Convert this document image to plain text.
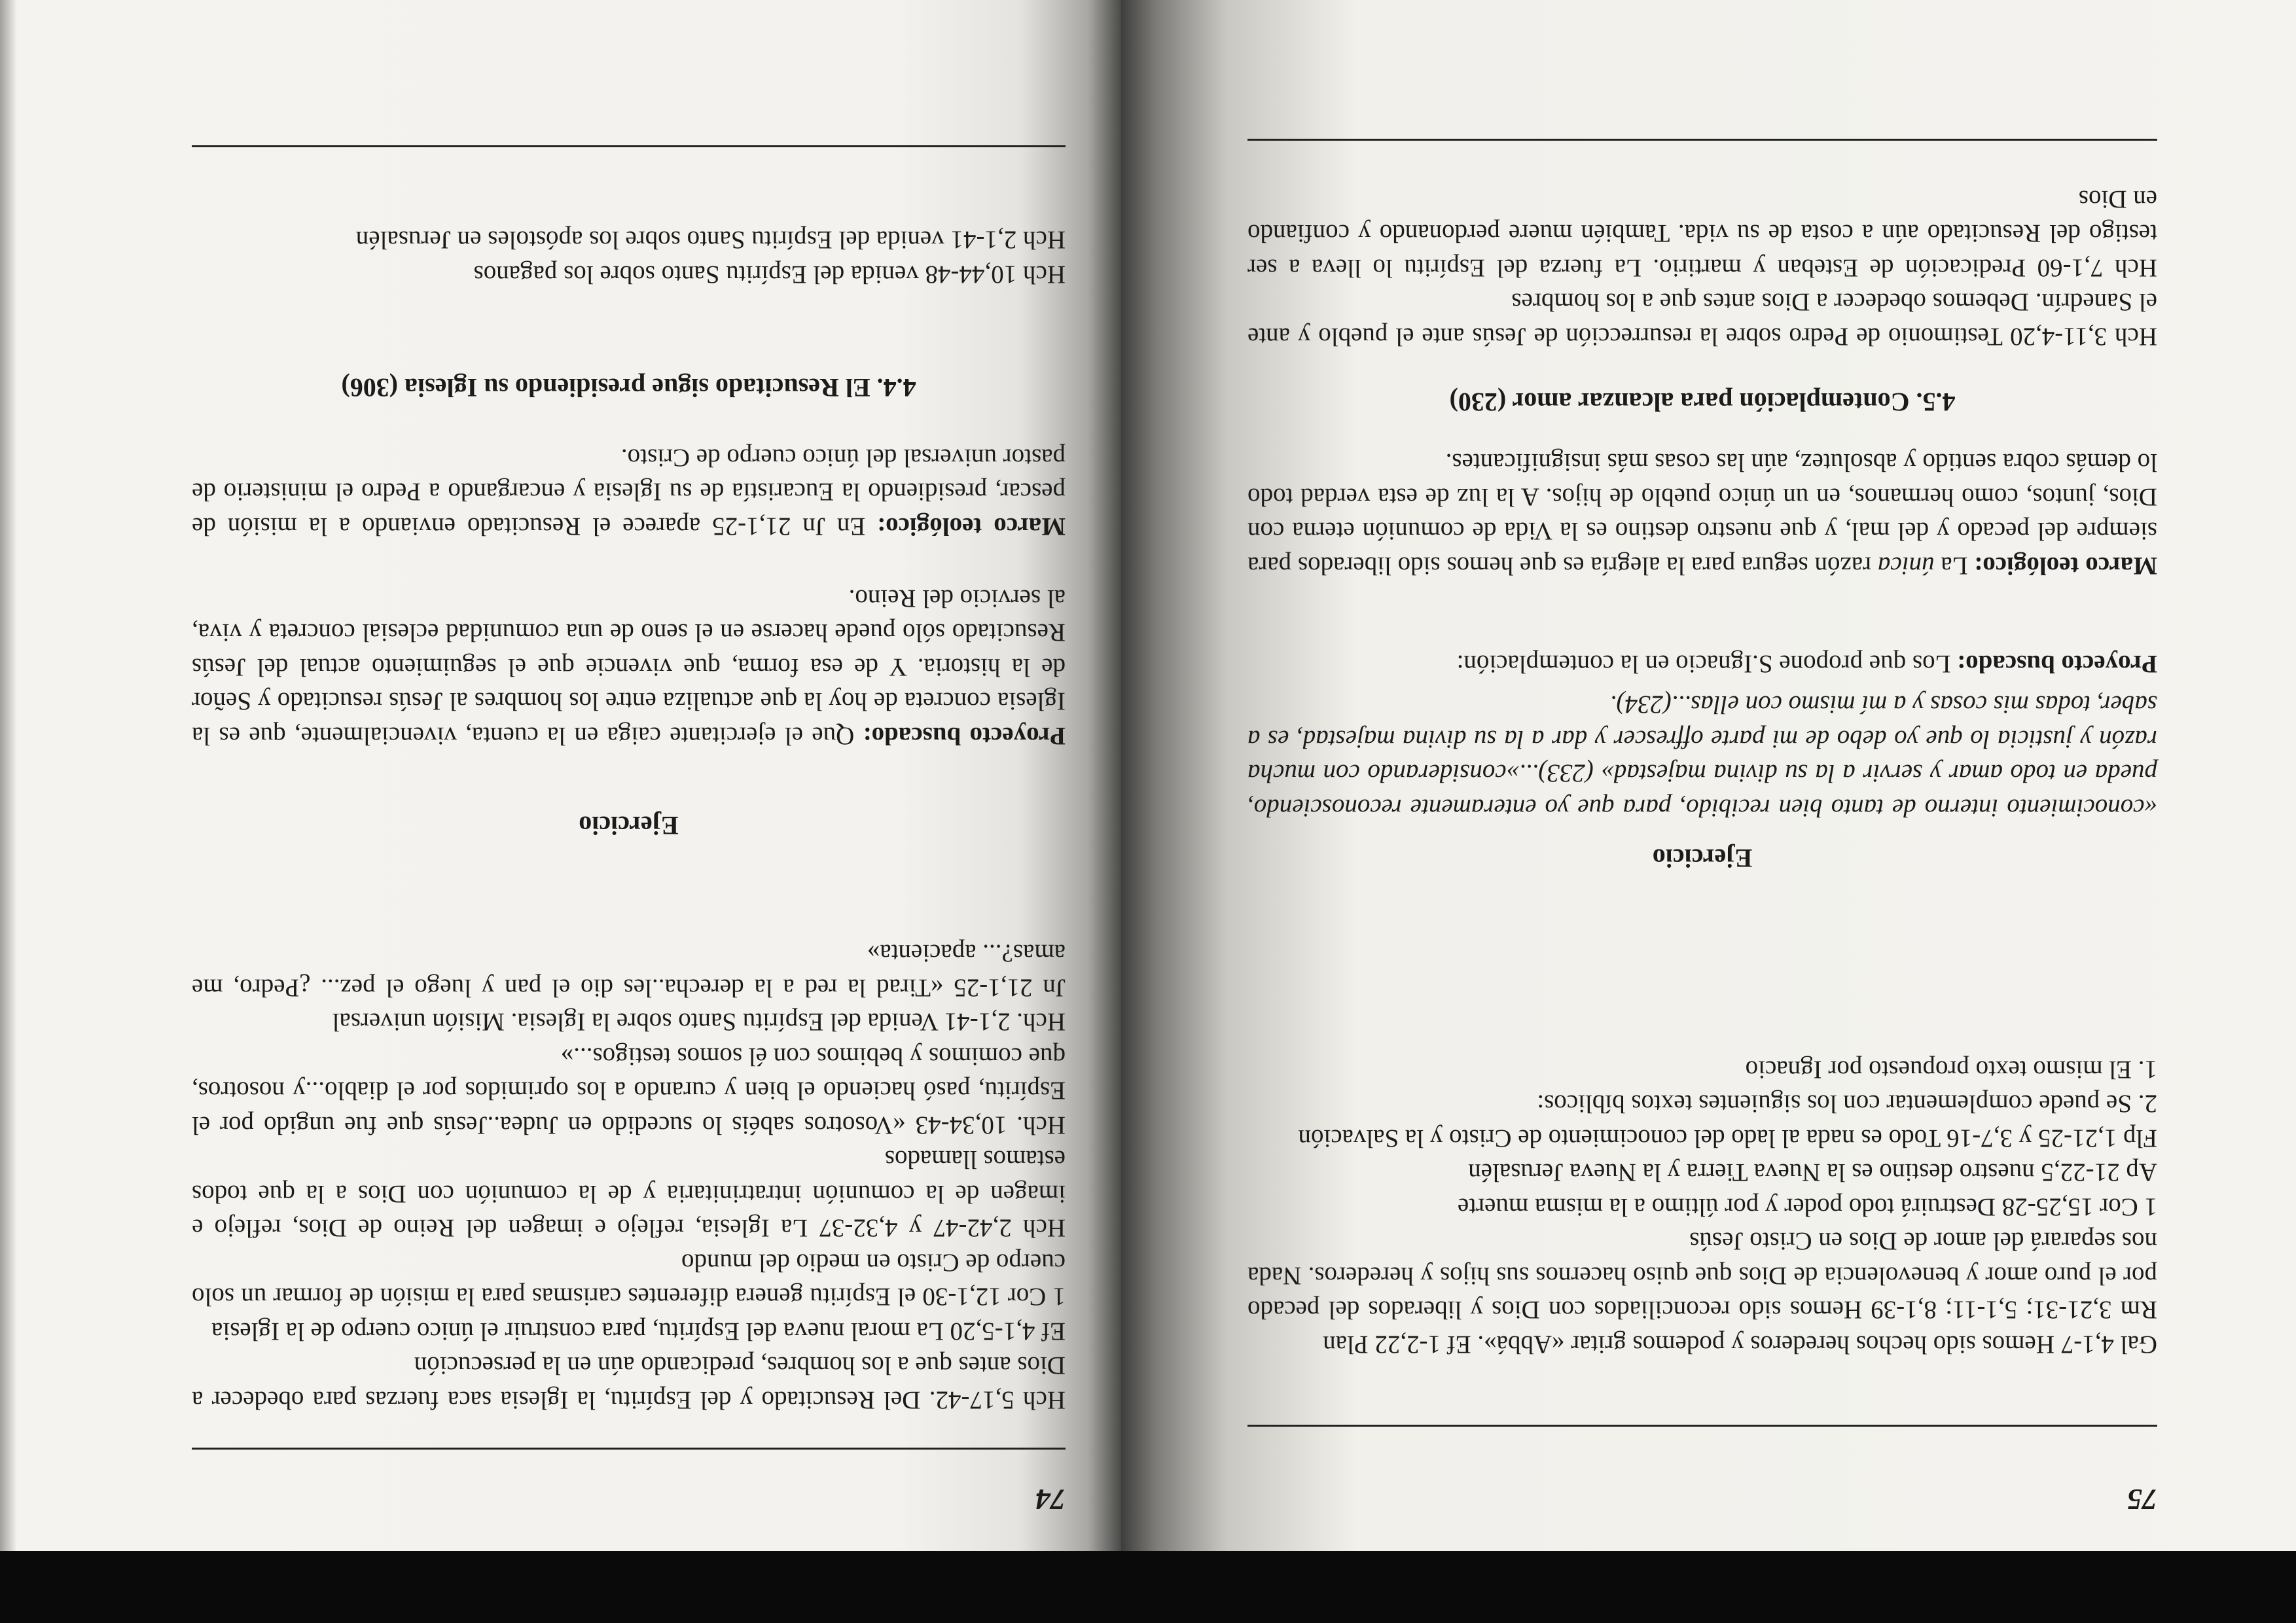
75

Gal 4,1-7 Hemos sido hechos herederos y podemos gritar «Abbá». Ef 1-2,22 Plan

Rm 3,21-31; 5,1-11; 8,1-39 Hemos sido reconciliados con Dios y liberados del pecado por el puro amor y benevolencia de Dios que quiso hacernos sus hijos y herederos. Nada nos separará del amor de Dios en Cristo Jesús

1 Cor 15,25-28 Destruirá todo poder y por último a la misma muerte

Ap 21-22,5 nuestro destino es la Nueva Tierra y la Nueva Jerusalén

Flp 1,21-25 y 3,7-16 Todo es nada al lado del conocimiento de Cristo y la Salvación

2. Se puede complementar con los siguientes textos bíblicos:

1. El mismo texto propuesto por Ignacio

Ejercicio

«conocimiento interno de tanto bien recibido, para que yo enteramente reconosciendo, pueda en todo amar y servir a la su divina majestad» (233)...»considerando con mucha razón y justicia lo que yo debo de mi parte offrescer y dar a la su divina majestad, es a saber, todas mis cosas y a mí mismo con ellas...(234).

Proyecto buscado: Los que propone S.Ignacio en la contemplación:

Marco teológico: La única razón segura para la alegría es que hemos sido liberados para siempre del pecado y del mal, y que nuestro destino es la Vida de comunión eterna con Dios, juntos, como hermanos, en un único pueblo de hijos. A la luz de esta verdad todo lo demás cobra sentido y absolutez, aún las cosas más insignificantes.

4.5. Contemplación para alcanzar amor (230)

Hch 3,11-4,20 Testimonio de Pedro sobre la resurrección de Jesús ante el pueblo y ante el Sanedrín. Debemos obedecer a Dios antes que a los hombres

Hch 7,1-60 Predicación de Esteban y martirio. La fuerza del Espíritu lo lleva a ser testigo del Resucitado aún a costa de su vida. También muere perdonando y confiando en Dios

74

Hch 5,17-42. Del Resucitado y del Espíritu, la Iglesia saca fuerzas para obedecer a Dios antes que a los hombres, predicando aún en la persecución

Ef 4,1-5,20 La moral nueva del Espíritu, para construir el único cuerpo de la Iglesia

1 Cor 12,1-30 el Espíritu genera diferentes carismas para la misión de formar un solo cuerpo de Cristo en medio del mundo

Hch 2,42-47 y 4,32-37 La Iglesia, reflejo e imagen del Reino de Dios, reflejo e imagen de la comunión intratrinitaria y de la comunión con Dios a la que todos estamos llamados

Hch. 10,34-43 «Vosotros sabéis lo sucedido en Judea..Jesús que fue ungido por el Espíritu, pasó haciendo el bien y curando a los oprimidos por el diablo...y nosotros, que comimos y bebimos con él somos testigos...»

Hch. 2,1-41 Venida del Espíritu Santo sobre la Iglesia. Misión universal

Jn 21,1-25 «Tirad la red a la derecha..les dio el pan y luego el pez... ¿Pedro, me amas?... apacienta»

Ejercicio

Proyecto buscado: Que el ejercitante caiga en la cuenta, vivencialmente, que es la Iglesia concreta de hoy la que actualiza entre los hombres al Jesús resucitado y Señor de la historia. Y de esa forma, que vivencie que el seguimiento actual del Jesús Resucitado sólo puede hacerse en el seno de una comunidad eclesial concreta y viva, al servicio del Reino.

Marco teológico: En Jn 21,1-25 aparece el Resucitado enviando a la misión de pescar, presidiendo la Eucaristía de su Iglesia y encargando a Pedro el ministerio de pastor universal del único cuerpo de Cristo.

4.4. El Resucitado sigue presidiendo su Iglesia (306)

Hch 10,44-48 venida del Espíritu Santo sobre los paganos

Hch 2,1-41 venida del Espíritu Santo sobre los apóstoles en Jerusalén
